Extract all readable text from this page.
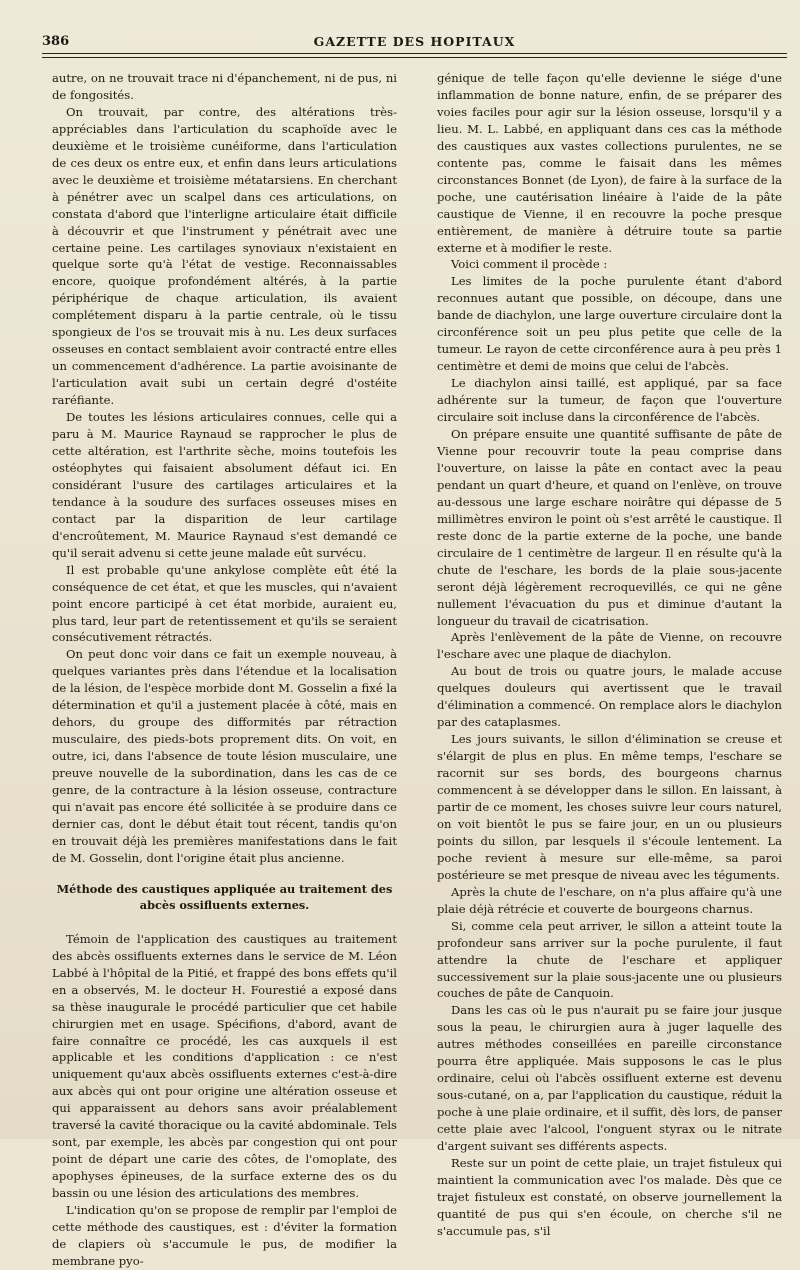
386	GAZETTE DES HOPITAUX

autre, on ne trouvait trace ni d'épanchement, ni de pus, ni de fongosités.

On trouvait, par contre, des altérations très-appréciables dans l'articulation du scaphoïde avec le deuxième et le troisième cunéiforme, dans l'articulation de ces deux os entre eux, et enfin dans leurs articulations avec le deuxième et troisième métatarsiens. En cherchant à pénétrer avec un scalpel dans ces articulations, on constata d'abord que l'interligne articulaire était difficile à découvrir et que l'instrument y pénétrait avec une certaine peine. Les cartilages synoviaux n'existaient en quelque sorte qu'à l'état de vestige. Reconnaissables encore, quoique profondément altérés, à la partie périphérique de chaque articulation, ils avaient complétement disparu à la partie centrale, où le tissu spongieux de l'os se trouvait mis à nu. Les deux surfaces osseuses en contact semblaient avoir contracté entre elles un commencement d'adhérence. La partie avoisinante de l'articulation avait subi un certain degré d'ostéite raréfiante.

De toutes les lésions articulaires connues, celle qui a paru à M. Maurice Raynaud se rapprocher le plus de cette altération, est l'arthrite sèche, moins toutefois les ostéophytes qui faisaient absolument défaut ici. En considérant l'usure des cartilages articulaires et la tendance à la soudure des surfaces osseuses mises en contact par la disparition de leur cartilage d'encroûtement, M. Maurice Raynaud s'est demandé ce qu'il serait advenu si cette jeune malade eût survécu.

Il est probable qu'une ankylose complète eût été la conséquence de cet état, et que les muscles, qui n'avaient point encore participé à cet état morbide, auraient eu, plus tard, leur part de retentissement et qu'ils se seraient consécutivement rétractés.

On peut donc voir dans ce fait un exemple nouveau, à quelques variantes près dans l'étendue et la localisation de la lésion, de l'espèce morbide dont M. Gosselin a fixé la détermination et qu'il a justement placée à côté, mais en dehors, du groupe des difformités par rétraction musculaire, des pieds-bots proprement dits. On voit, en outre, ici, dans l'absence de toute lésion musculaire, une preuve nouvelle de la subordination, dans les cas de ce genre, de la contracture à la lésion osseuse, contracture qui n'avait pas encore été sollicitée à se produire dans ce dernier cas, dont le début était tout récent, tandis qu'on en trouvait déjà les premières manifestations dans le fait de M. Gosselin, dont l'origine était plus ancienne.

Méthode des caustiques appliquée au traitement des abcès ossifluents externes.

Témoin de l'application des caustiques au traitement des abcès ossifluents externes dans le service de M. Léon Labbé à l'hôpital de la Pitié, et frappé des bons effets qu'il en a observés, M. le docteur H. Fourestié a exposé dans sa thèse inaugurale le procédé particulier que cet habile chirurgien met en usage. Spécifions, d'abord, avant de faire connaître ce procédé, les cas auxquels il est applicable et les conditions d'application : ce n'est uniquement qu'aux abcès ossifluents externes c'est-à-dire aux abcès qui ont pour origine une altération osseuse et qui apparaissent au dehors sans avoir préalablement traversé la cavité thoracique ou la cavité abdominale. Tels sont, par exemple, les abcès par congestion qui ont pour point de départ une carie des côtes, de l'omoplate, des apophyses épineuses, de la surface externe des os du bassin ou une lésion des articulations des membres.

L'indication qu'on se propose de remplir par l'emploi de cette méthode des caustiques, est : d'éviter la formation de clapiers où s'accumule le pus, de modifier la membrane pyo-

génique de telle façon qu'elle devienne le siége d'une inflammation de bonne nature, enfin, de se préparer des voies faciles pour agir sur la lésion osseuse, lorsqu'il y a lieu. M. L. Labbé, en appliquant dans ces cas la méthode des caustiques aux vastes collections purulentes, ne se contente pas, comme le faisait dans les mêmes circonstances Bonnet (de Lyon), de faire à la surface de la poche, une cautérisation linéaire à l'aide de la pâte caustique de Vienne, il en recouvre la poche presque entièrement, de manière à détruire toute sa partie externe et à modifier le reste.

Voici comment il procède :

Les limites de la poche purulente étant d'abord reconnues autant que possible, on découpe, dans une bande de diachylon, une large ouverture circulaire dont la circonférence soit un peu plus petite que celle de la tumeur. Le rayon de cette circonférence aura à peu près 1 centimètre et demi de moins que celui de l'abcès.

Le diachylon ainsi taillé, est appliqué, par sa face adhérente sur la tumeur, de façon que l'ouverture circulaire soit incluse dans la circonférence de l'abcès.

On prépare ensuite une quantité suffisante de pâte de Vienne pour recouvrir toute la peau comprise dans l'ouverture, on laisse la pâte en contact avec la peau pendant un quart d'heure, et quand on l'enlève, on trouve au-dessous une large eschare noirâtre qui dépasse de 5 millimètres environ le point où s'est arrêté le caustique. Il reste donc de la partie externe de la poche, une bande circulaire de 1 centimètre de largeur. Il en résulte qu'à la chute de l'eschare, les bords de la plaie sous-jacente seront déjà légèrement recroquevillés, ce qui ne gêne nullement l'évacuation du pus et diminue d'autant la longueur du travail de cicatrisation.

Après l'enlèvement de la pâte de Vienne, on recouvre l'eschare avec une plaque de diachylon.

Au bout de trois ou quatre jours, le malade accuse quelques douleurs qui avertissent que le travail d'élimination a commencé. On remplace alors le diachylon par des cataplasmes.

Les jours suivants, le sillon d'élimination se creuse et s'élargit de plus en plus. En même temps, l'eschare se racornit sur ses bords, des bourgeons charnus commencent à se développer dans le sillon. En laissant, à partir de ce moment, les choses suivre leur cours naturel, on voit bientôt le pus se faire jour, en un ou plusieurs points du sillon, par lesquels il s'écoule lentement. La poche revient à mesure sur elle-même, sa paroi postérieure se met presque de niveau avec les téguments.

Après la chute de l'eschare, on n'a plus affaire qu'à une plaie déjà rétrécie et couverte de bourgeons charnus.

Si, comme cela peut arriver, le sillon a atteint toute la profondeur sans arriver sur la poche purulente, il faut attendre la chute de l'eschare et appliquer successivement sur la plaie sous-jacente une ou plusieurs couches de pâte de Canquoin.

Dans les cas où le pus n'aurait pu se faire jour jusque sous la peau, le chirurgien aura à juger laquelle des autres méthodes conseillées en pareille circonstance pourra être appliquée. Mais supposons le cas le plus ordinaire, celui où l'abcès ossifluent externe est devenu sous-cutané, on a, par l'application du caustique, réduit la poche à une plaie ordinaire, et il suffit, dès lors, de panser cette plaie avec l'alcool, l'onguent styrax ou le nitrate d'argent suivant ses différents aspects.

Reste sur un point de cette plaie, un trajet fistuleux qui maintient la communication avec l'os malade. Dès que ce trajet fistuleux est constaté, on observe journellement la quantité de pus qui s'en écoule, on cherche s'il ne s'accumule pas, s'il
